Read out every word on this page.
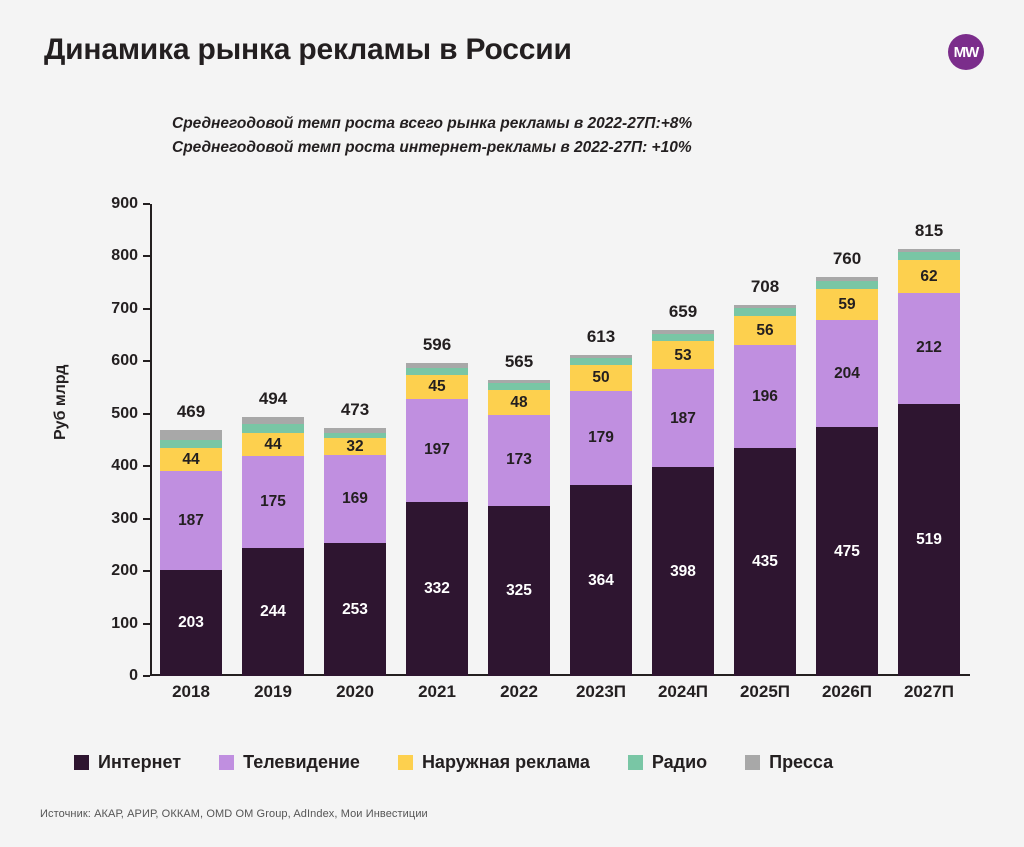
Динамика рынка рекламы в России	MW
Среднегодовой темп роста всего рынка рекламы в 2022-27П:+8%
Среднегодовой темп роста интернет-рекламы в 2022-27П: +10%
Руб млрд
0
100
200
300
400
500
600
700
800
900
469
44
187
203
494
44
175
244
473
32
169
253
596
45
197
332
565
48
173
325
613
50
179
364
659
53
187
398
708
56
196
435
760
59
204
475
815
62
212
519
2018	2019	2020	2021	2022	2023П	2024П	2025П	2026П	2027П
Интернет	Телевидение	Наружная реклама	Радио	Пресса
Источник: АКАР, АРИР, ОККАМ, OMD OM Group, AdIndex, Мои Инвестиции
